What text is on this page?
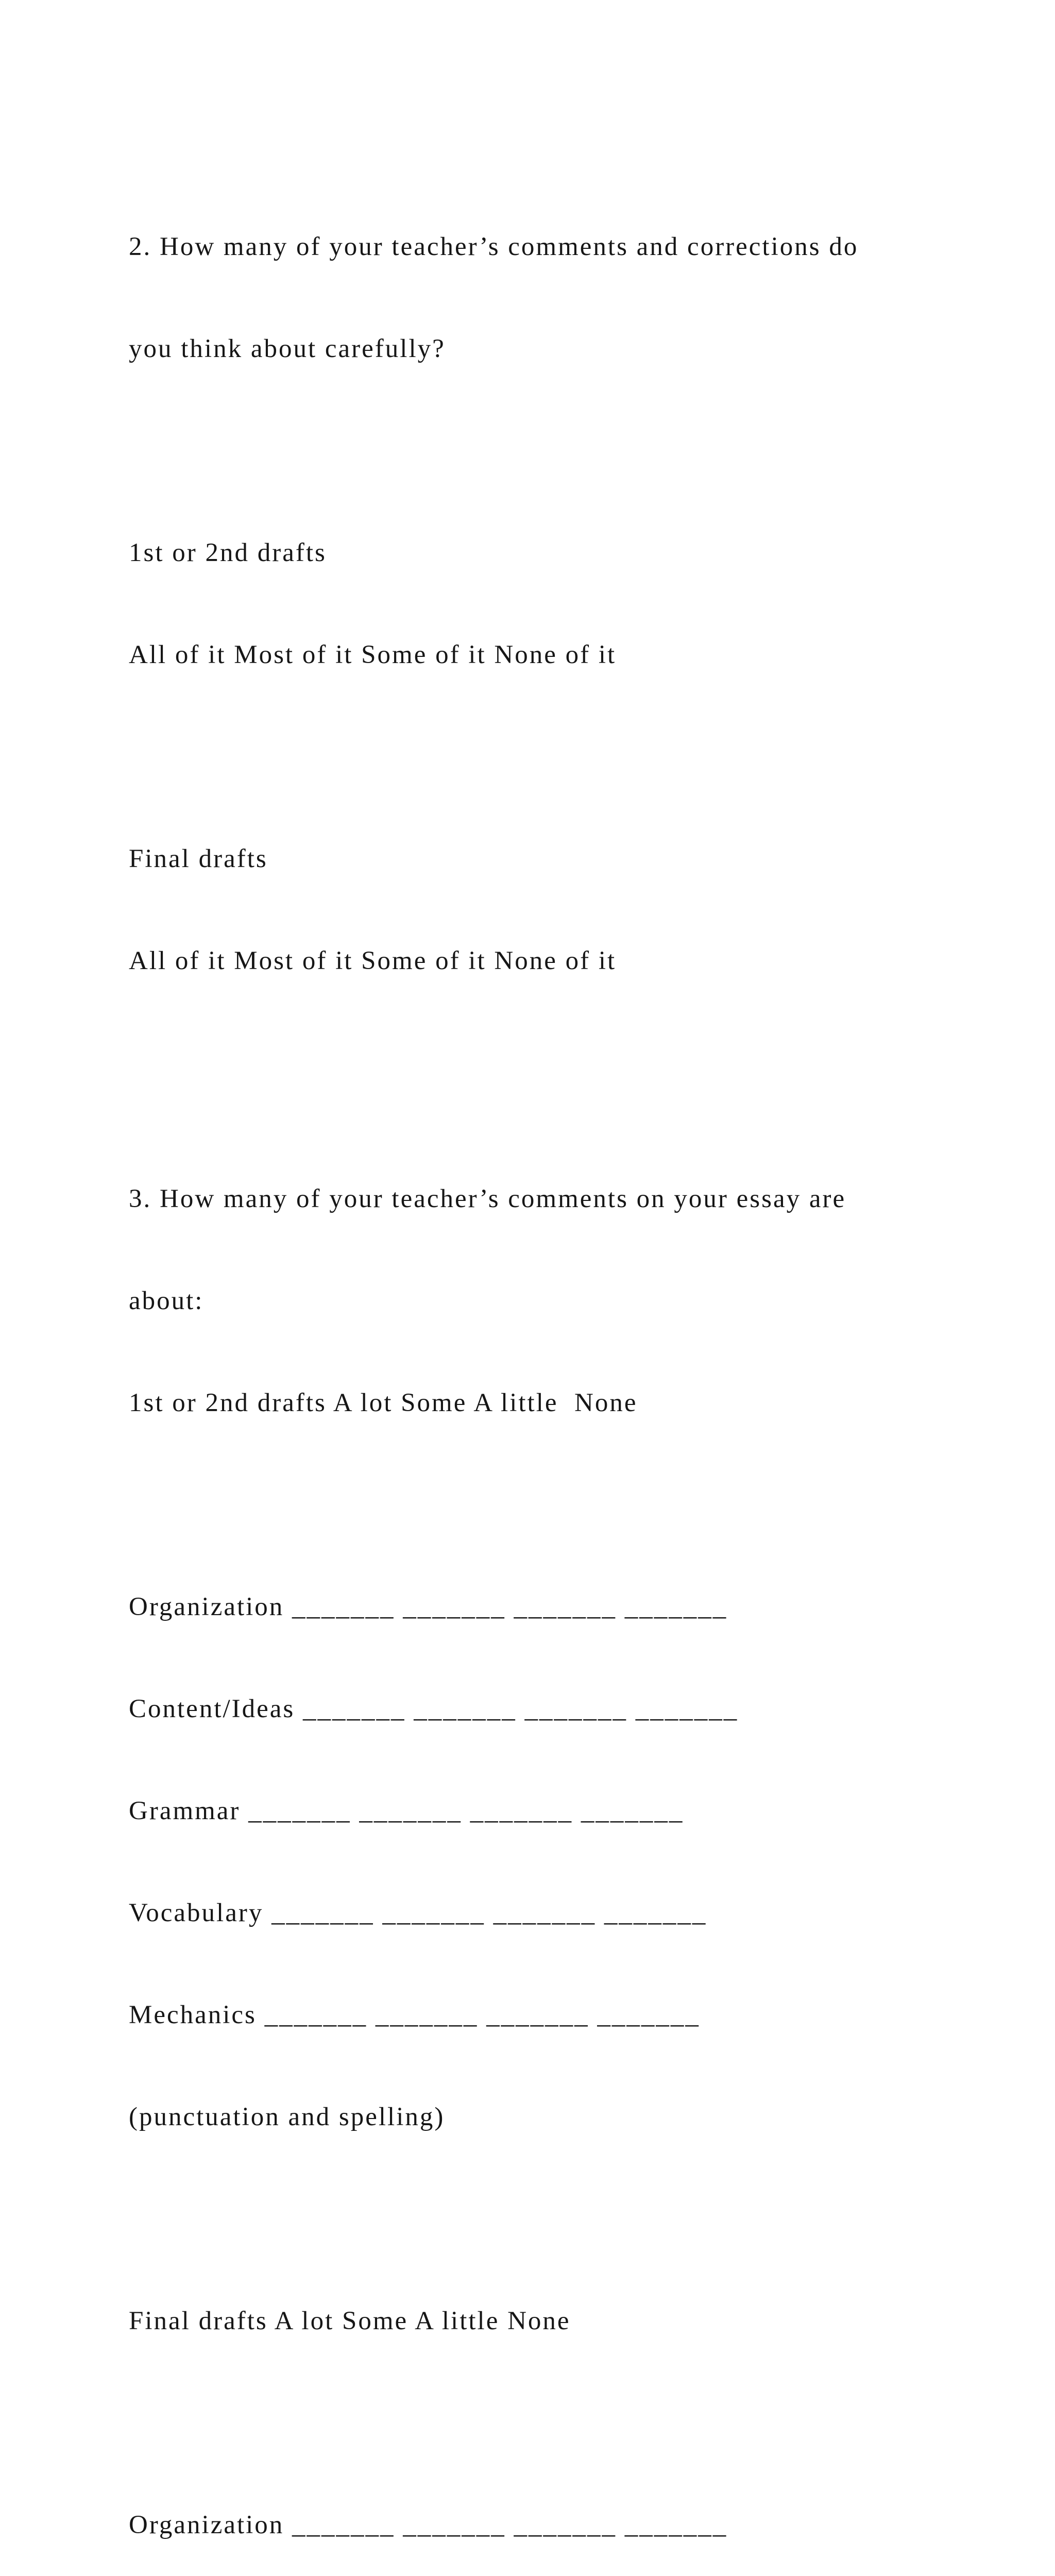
2. How many of your teacher’s comments and corrections do

you think about carefully?

1st or 2nd drafts

All of it Most of it Some of it None of it

Final drafts

All of it Most of it Some of it None of it

3. How many of your teacher’s comments on your essay are

about:

1st or 2nd drafts A lot Some A little  None

Organization _______ _______ _______ _______

Content/Ideas _______ _______ _______ _______

Grammar _______ _______ _______ _______

Vocabulary _______ _______ _______ _______

Mechanics _______ _______ _______ _______

(punctuation and spelling)

Final drafts A lot Some A little None

Organization _______ _______ _______ _______
